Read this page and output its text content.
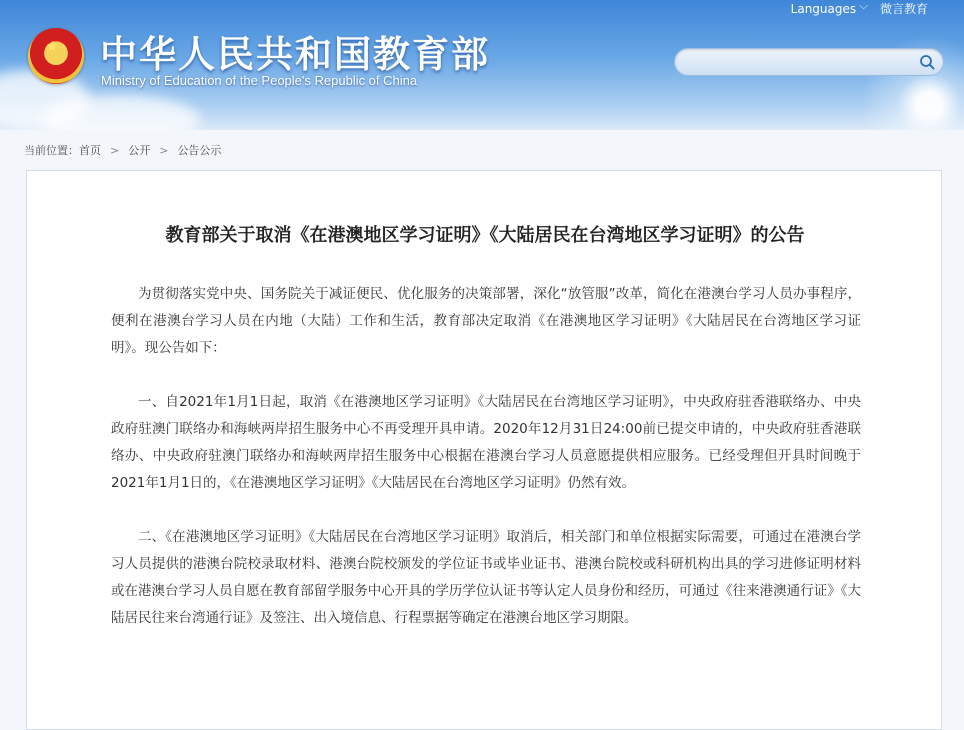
★ 中华人民共和国教育部
Ministry of Education of the People's Republic of China
Languages ﹀ 微言教育
当前位置：首页 > 公开 > 公告公示
教育部关于取消《在港澳地区学习证明》《大陆居民在台湾地区学习证明》的公告

为贯彻落实党中央、国务院关于减证便民、优化服务的决策部署，深化“放管服”改革，简化在港澳台学习人员办事程序，便利在港澳台学习人员在内地（大陆）工作和生活，教育部决定取消《在港澳地区学习证明》《大陆居民在台湾地区学习证明》。现公告如下：

一、自2021年1月1日起，取消《在港澳地区学习证明》《大陆居民在台湾地区学习证明》，中央政府驻香港联络办、中央政府驻澳门联络办和海峡两岸招生服务中心不再受理开具申请。2020年12月31日24:00前已提交申请的，中央政府驻香港联络办、中央政府驻澳门联络办和海峡两岸招生服务中心根据在港澳台学习人员意愿提供相应服务。已经受理但开具时间晚于2021年1月1日的，《在港澳地区学习证明》《大陆居民在台湾地区学习证明》仍然有效。

二、《在港澳地区学习证明》《大陆居民在台湾地区学习证明》取消后，相关部门和单位根据实际需要，可通过在港澳台学习人员提供的港澳台院校录取材料、港澳台院校颁发的学位证书或毕业证书、港澳台院校或科研机构出具的学习进修证明材料或在港澳台学习人员自愿在教育部留学服务中心开具的学历学位认证书等认定人员身份和经历，可通过《往来港澳通行证》《大陆居民往来台湾通行证》及签注、出入境信息、行程票据等确定在港澳台地区学习期限。
